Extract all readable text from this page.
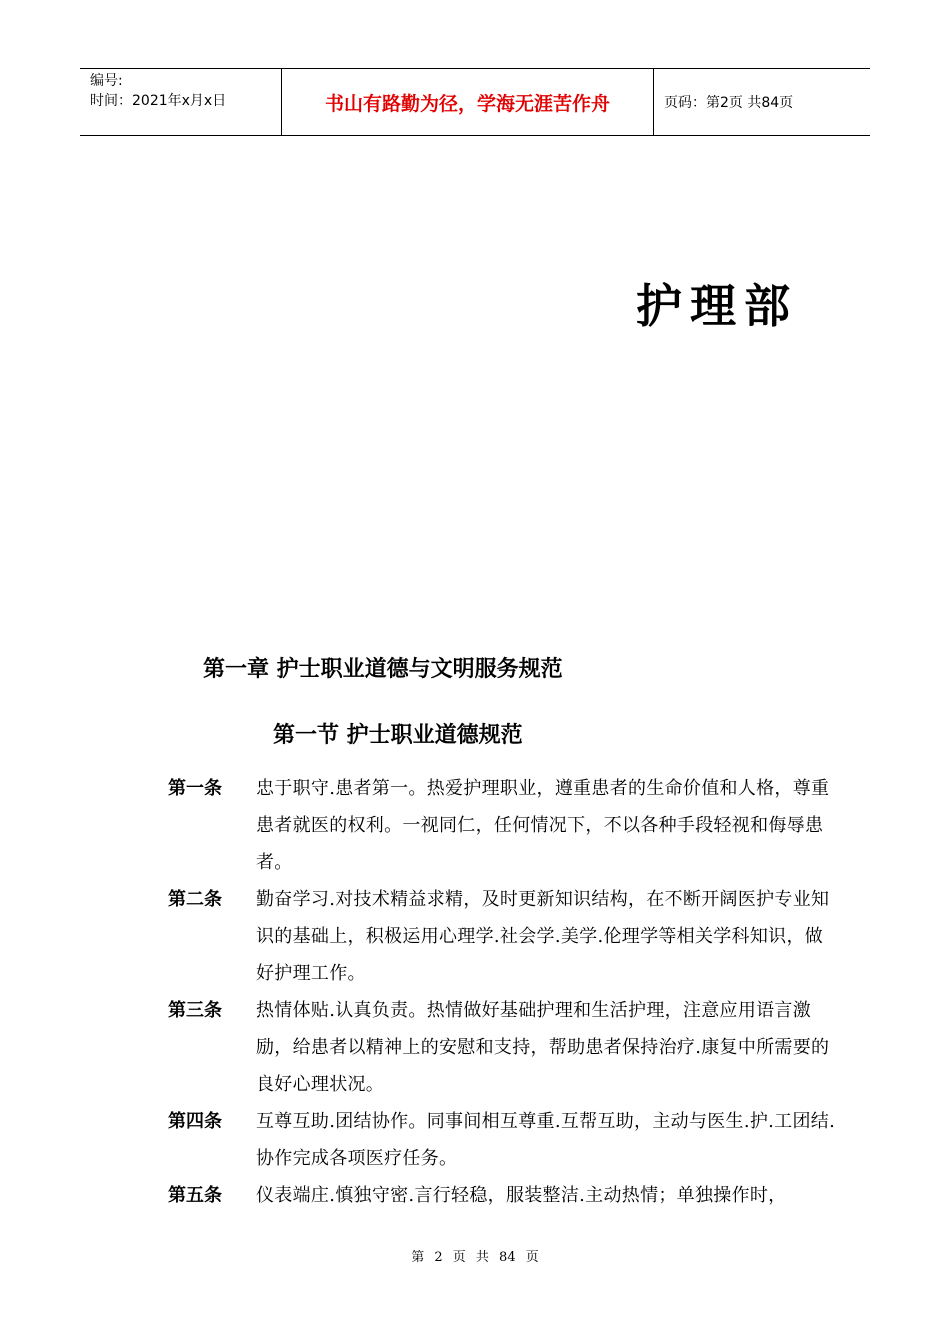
编号:
时间：2021年x月x日	书山有路勤为径，学海无涯苦作舟	页码：第2页 共84页
护理部
第一章 护士职业道德与文明服务规范
第一节 护士职业道德规范
第一条	忠于职守.患者第一。热爱护理职业，遵重患者的生命价值和人格，尊重患者就医的权利。一视同仁，任何情况下，不以各种手段轻视和侮辱患者。
第二条	勤奋学习.对技术精益求精，及时更新知识结构，在不断开阔医护专业知识的基础上，积极运用心理学.社会学.美学.伦理学等相关学科知识，做好护理工作。
第三条	热情体贴.认真负责。热情做好基础护理和生活护理，注意应用语言激励，给患者以精神上的安慰和支持，帮助患者保持治疗.康复中所需要的良好心理状况。
第四条	互尊互助.团结协作。同事间相互尊重.互帮互助，主动与医生.护.工团结.协作完成各项医疗任务。
第五条	仪表端庄.慎独守密.言行轻稳，服装整洁.主动热情；单独操作时，
第 2 页 共 84 页
